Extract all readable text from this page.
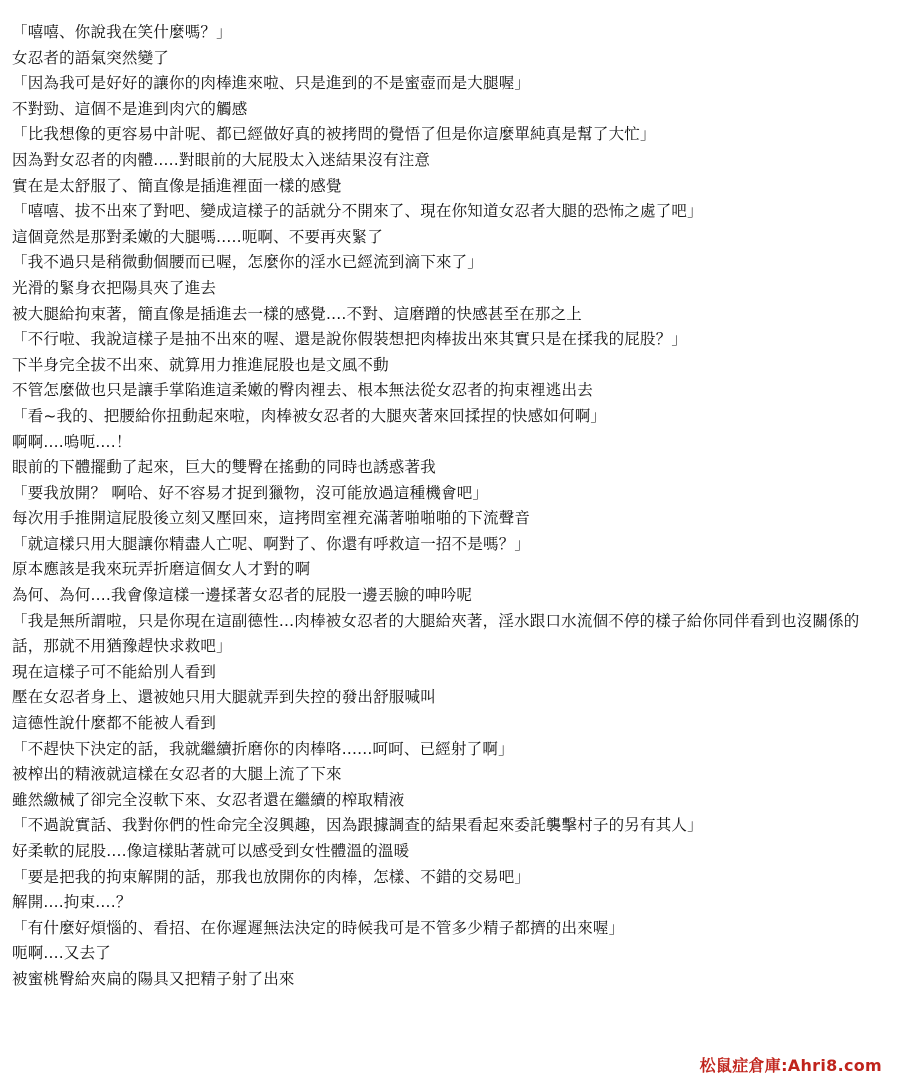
「嘻嘻、你說我在笑什麼嗎？」
女忍者的語氣突然變了
「因為我可是好好的讓你的肉棒進來啦、只是進到的不是蜜壺而是大腿喔」
不對勁、這個不是進到肉穴的觸感
「比我想像的更容易中計呢、都已經做好真的被拷問的覺悟了但是你這麼單純真是幫了大忙」
因為對女忍者的肉體.....對眼前的大屁股太入迷結果沒有注意
實在是太舒服了、簡直像是插進裡面一樣的感覺
「嘻嘻、拔不出來了對吧、變成這樣子的話就分不開來了、現在你知道女忍者大腿的恐怖之處了吧」
這個竟然是那對柔嫩的大腿嗎.....呃啊、不要再夾緊了
「我不過只是稍微動個腰而已喔，怎麼你的淫水已經流到滴下來了」
光滑的緊身衣把陽具夾了進去
被大腿給拘束著，簡直像是插進去一樣的感覺....不對、這磨蹭的快感甚至在那之上
「不行啦、我說這樣子是抽不出來的喔、還是說你假裝想把肉棒拔出來其實只是在揉我的屁股？」
下半身完全拔不出來、就算用力推進屁股也是文風不動
不管怎麼做也只是讓手掌陷進這柔嫩的臀肉裡去、根本無法從女忍者的拘束裡逃出去
「看~我的、把腰給你扭動起來啦，肉棒被女忍者的大腿夾著來回揉捏的快感如何啊」
啊啊....嗚呃....！
眼前的下體擺動了起來，巨大的雙臀在搖動的同時也誘惑著我
「要我放開？ 啊哈、好不容易才捉到獵物，沒可能放過這種機會吧」
每次用手推開這屁股後立刻又壓回來，這拷問室裡充滿著啪啪啪的下流聲音
「就這樣只用大腿讓你精盡人亡呢、啊對了、你還有呼救這一招不是嗎？」
原本應該是我來玩弄折磨這個女人才對的啊
為何、為何....我會像這樣一邊揉著女忍者的屁股一邊丟臉的呻吟呢
「我是無所謂啦，只是你現在這副德性...肉棒被女忍者的大腿給夾著，淫水跟口水流個不停的樣子給你同伴看到也沒關係的
話，那就不用猶豫趕快求救吧」
現在這樣子可不能給別人看到
壓在女忍者身上、還被她只用大腿就弄到失控的發出舒服喊叫
這德性說什麼都不能被人看到
「不趕快下決定的話，我就繼續折磨你的肉棒咯......呵呵、已經射了啊」
被榨出的精液就這樣在女忍者的大腿上流了下來
雖然繳械了卻完全沒軟下來、女忍者還在繼續的榨取精液
「不過說實話、我對你們的性命完全沒興趣，因為跟據調查的結果看起來委託襲擊村子的另有其人」
好柔軟的屁股....像這樣貼著就可以感受到女性體溫的溫暖
「要是把我的拘束解開的話，那我也放開你的肉棒，怎樣、不錯的交易吧」
解開....拘束....？
「有什麼好煩惱的、看招、在你遲遲無法決定的時候我可是不管多少精子都擠的出來喔」
呃啊....又去了
被蜜桃臀給夾扁的陽具又把精子射了出來
松鼠症倉庫:Ahri8.com
